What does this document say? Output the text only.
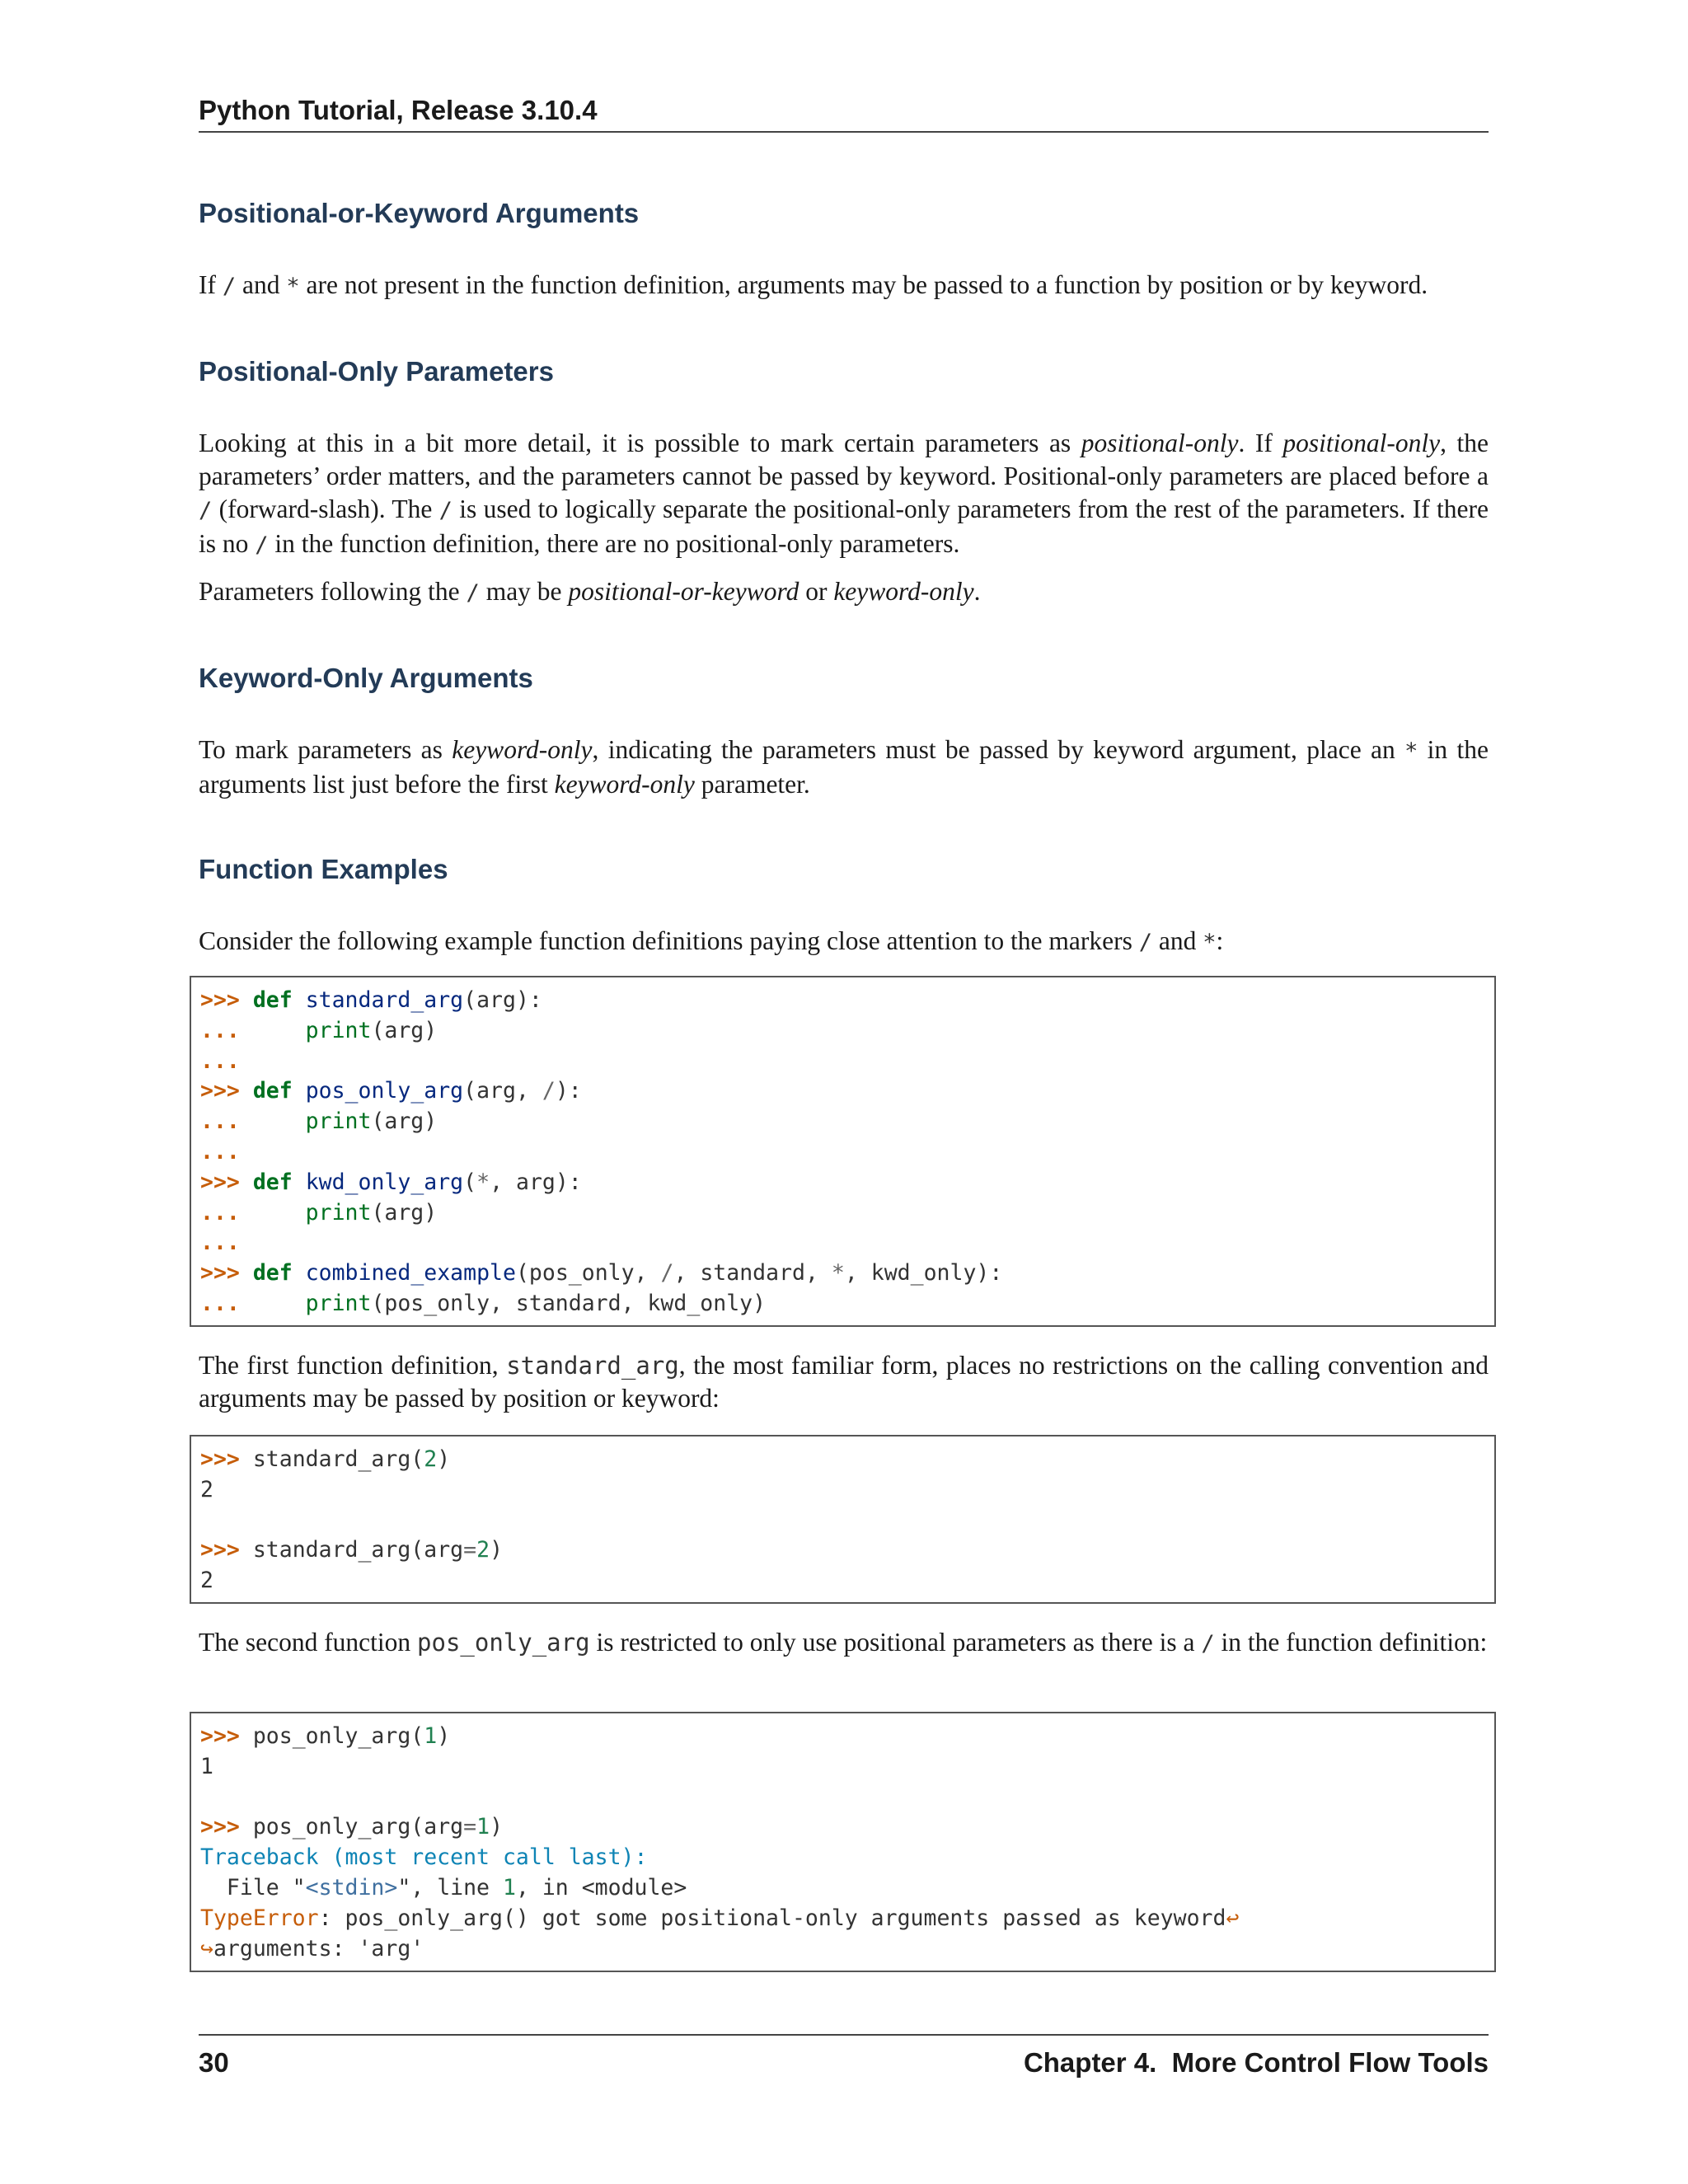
Python Tutorial, Release 3.10.4
Positional-or-Keyword Arguments

If / and * are not present in the function definition, arguments may be passed to a function by position or by keyword.

Positional-Only Parameters

Looking at this in a bit more detail, it is possible to mark certain parameters as positional-only. If positional-only, the parameters’ order matters, and the parameters cannot be passed by keyword. Positional-only parameters are placed before a / (forward-slash). The / is used to logically separate the positional-only parameters from the rest of the parameters. If there is no / in the function definition, there are no positional-only parameters.

Parameters following the / may be positional-or-keyword or keyword-only.

Keyword-Only Arguments

To mark parameters as keyword-only, indicating the parameters must be passed by keyword argument, place an * in the arguments list just before the first keyword-only parameter.

Function Examples

Consider the following example function definitions paying close attention to the markers / and *:

>>> def standard_arg(arg):
...	print(arg)
...
>>> def pos_only_arg(arg, /):
...	print(arg)
...
>>> def kwd_only_arg(*, arg):
...	print(arg)
...
>>> def combined_example(pos_only, /, standard, *, kwd_only):
...	print(pos_only, standard, kwd_only)

The first function definition, standard_arg, the most familiar form, places no restrictions on the calling convention and arguments may be passed by position or keyword:

>>> standard_arg(2)
2

>>> standard_arg(arg=2)
2

The second function pos_only_arg is restricted to only use positional parameters as there is a / in the function definition:

>>> pos_only_arg(1)
1

>>> pos_only_arg(arg=1)
Traceback (most recent call last):
File "<stdin>", line 1, in <module>
TypeError: pos_only_arg() got some positional-only arguments passed as keyword↩
↪arguments: 'arg'
30	Chapter 4.  More Control Flow Tools
